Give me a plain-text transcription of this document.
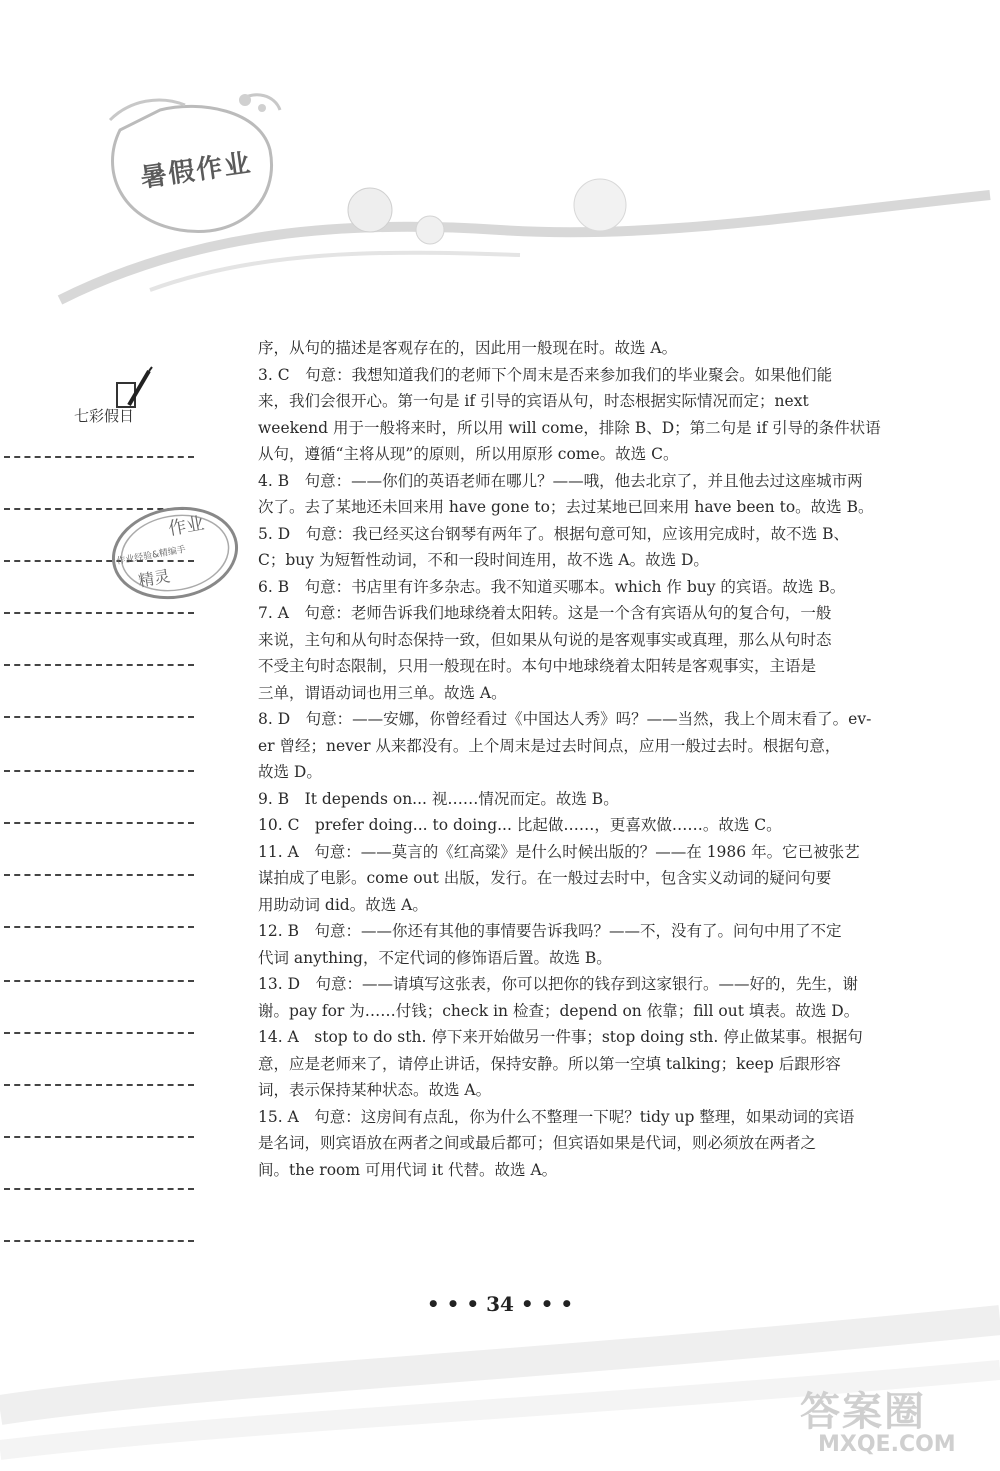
暑假作业
七彩假日
作业
作业经验&精编手
精灵

序，从句的描述是客观存在的，因此用一般现在时。故选 A。

3. C　句意：我想知道我们的老师下个周末是否来参加我们的毕业聚会。如果他们能

来，我们会很开心。第一句是 if 引导的宾语从句，时态根据实际情况而定；next

weekend 用于一般将来时，所以用 will come，排除 B、D；第二句是 if 引导的条件状语

从句，遵循“主将从现”的原则，所以用原形 come。故选 C。

4. B　句意：——你们的英语老师在哪儿？——哦，他去北京了，并且他去过这座城市两

次了。去了某地还未回来用 have gone to；去过某地已回来用 have been to。故选 B。

5. D　句意：我已经买这台钢琴有两年了。根据句意可知，应该用完成时，故不选 B、

C；buy 为短暂性动词，不和一段时间连用，故不选 A。故选 D。

6. B　句意：书店里有许多杂志。我不知道买哪本。which 作 buy 的宾语。故选 B。

7. A　句意：老师告诉我们地球绕着太阳转。这是一个含有宾语从句的复合句，一般

来说，主句和从句时态保持一致，但如果从句说的是客观事实或真理，那么从句时态

不受主句时态限制，只用一般现在时。本句中地球绕着太阳转是客观事实，主语是

三单，谓语动词也用三单。故选 A。

8. D　句意：——安娜，你曾经看过《中国达人秀》吗？——当然，我上个周末看了。ev-

er 曾经；never 从来都没有。上个周末是过去时间点，应用一般过去时。根据句意，

故选 D。

9. B　It depends on... 视……情况而定。故选 B。

10. C　prefer doing... to doing... 比起做……，更喜欢做……。故选 C。

11. A　句意：——莫言的《红高粱》是什么时候出版的？——在 1986 年。它已被张艺

谋拍成了电影。come out 出版，发行。在一般过去时中，包含实义动词的疑问句要

用助动词 did。故选 A。

12. B　句意：——你还有其他的事情要告诉我吗？——不，没有了。问句中用了不定

代词 anything，不定代词的修饰语后置。故选 B。

13. D　句意：——请填写这张表，你可以把你的钱存到这家银行。——好的，先生，谢

谢。pay for 为……付钱；check in 检查；depend on 依靠；fill out 填表。故选 D。

14. A　stop to do sth. 停下来开始做另一件事；stop doing sth. 停止做某事。根据句

意，应是老师来了，请停止讲话，保持安静。所以第一空填 talking；keep 后跟形容

词，表示保持某种状态。故选 A。

15. A　句意：这房间有点乱，你为什么不整理一下呢？tidy up 整理，如果动词的宾语

是名词，则宾语放在两者之间或最后都可；但宾语如果是代词，则必须放在两者之

间。the room 可用代词 it 代替。故选 A。

• • • 34 • • •
答案圈
MXQE.COM
